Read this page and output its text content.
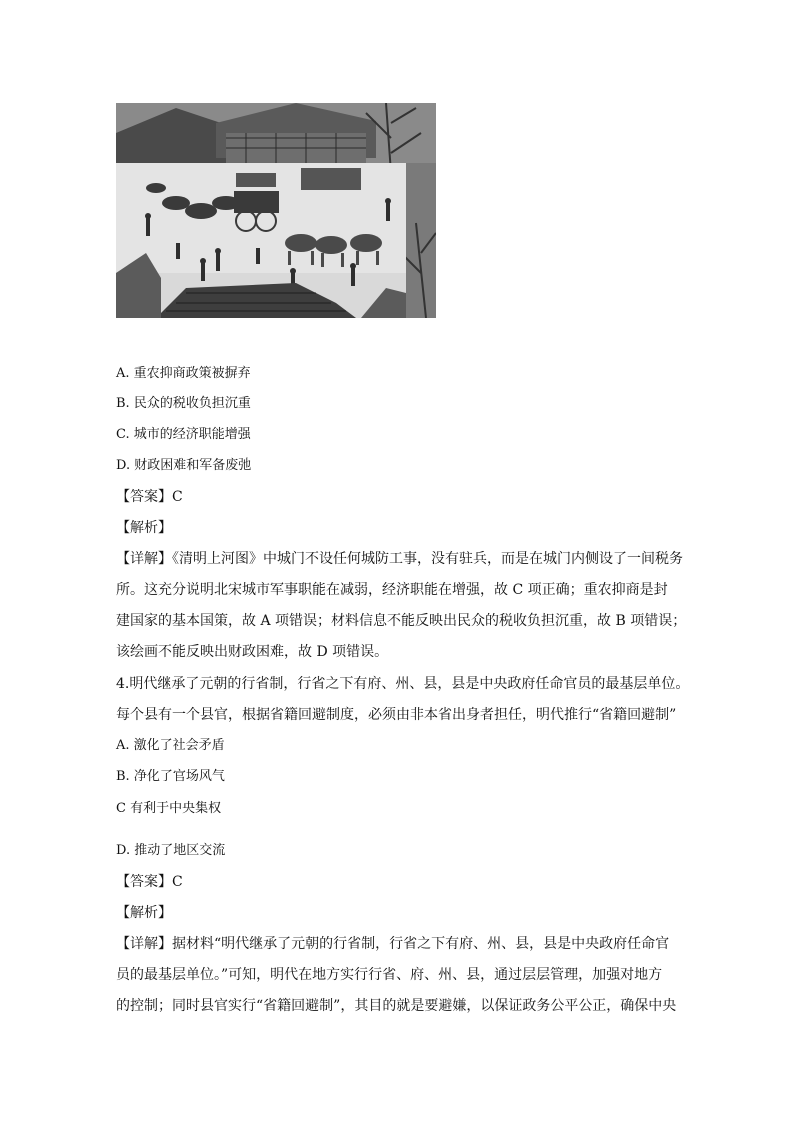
A. 重农抑商政策被摒弃
B. 民众的税收负担沉重
C. 城市的经济职能增强
D. 财政困难和军备废弛
【答案】C
【解析】
【详解】《清明上河图》中城门不设任何城防工事，没有驻兵，而是在城门内侧设了一间税务
所。这充分说明北宋城市军事职能在减弱，经济职能在增强，故 C 项正确；重农抑商是封
建国家的基本国策，故 A 项错误；材料信息不能反映出民众的税收负担沉重，故 B 项错误；
该绘画不能反映出财政困难，故 D 项错误。
4.明代继承了元朝的行省制，行省之下有府、州、县，县是中央政府任命官员的最基层单位。
每个县有一个县官，根据省籍回避制度，必须由非本省出身者担任，明代推行“省籍回避制”
A. 激化了社会矛盾
B. 净化了官场风气
C 有利于中央集权
D. 推动了地区交流
【答案】C
【解析】
【详解】据材料“明代继承了元朝的行省制，行省之下有府、州、县，县是中央政府任命官
员的最基层单位。”可知，明代在地方实行行省、府、州、县，通过层层管理，加强对地方
的控制；同时县官实行“省籍回避制”，其目的就是要避嫌，以保证政务公平公正，确保中央
